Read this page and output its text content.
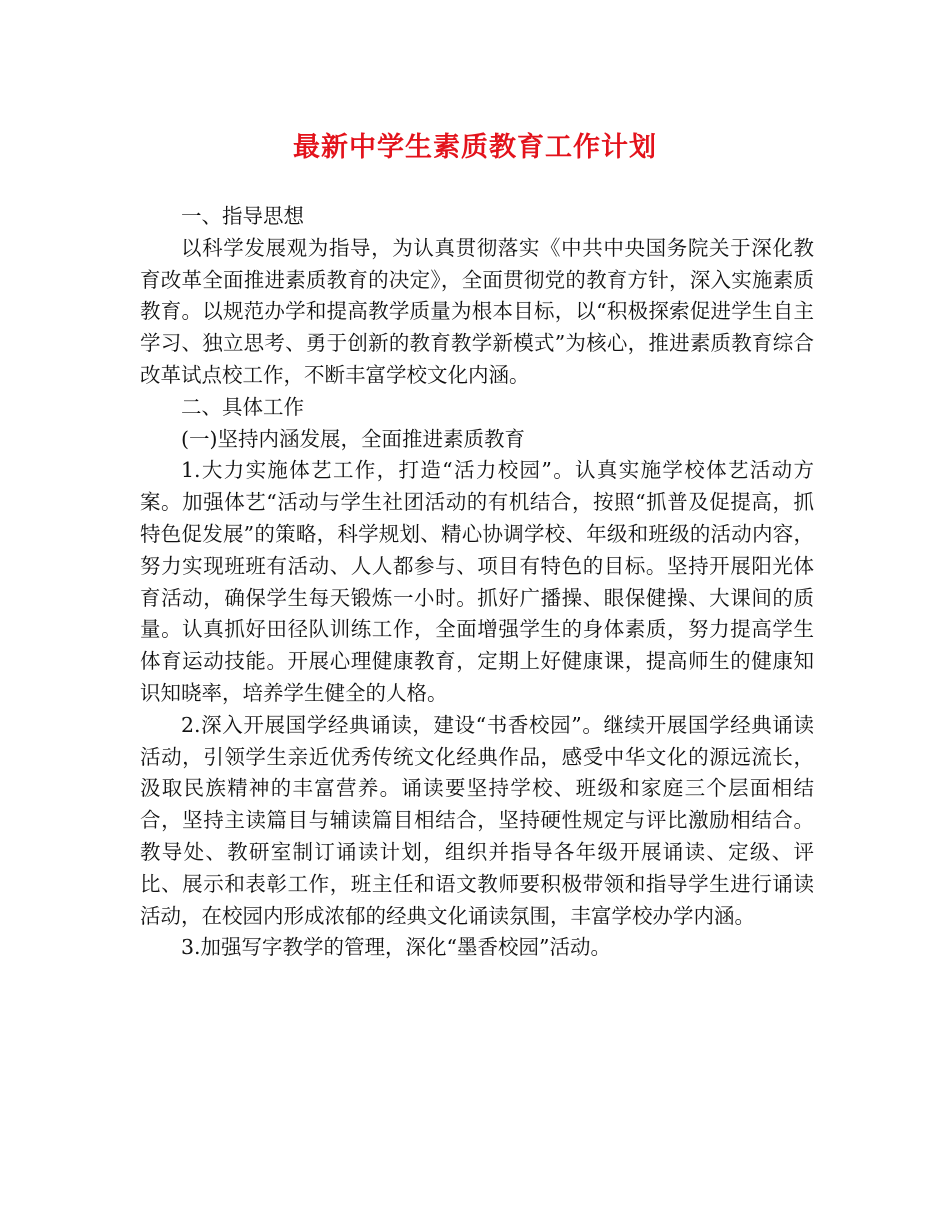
最新中学生素质教育工作计划

一、指导思想

以科学发展观为指导，为认真贯彻落实《中共中央国务院关于深化教育改革全面推进素质教育的决定》，全面贯彻党的教育方针，深入实施素质教育。以规范办学和提高教学质量为根本目标，以“积极探索促进学生自主学习、独立思考、勇于创新的教育教学新模式”为核心，推进素质教育综合改革试点校工作，不断丰富学校文化内涵。

二、具体工作

(一)坚持内涵发展，全面推进素质教育

1.大力实施体艺工作，打造“活力校园”。认真实施学校体艺活动方案。加强体艺“活动与学生社团活动的有机结合，按照“抓普及促提高，抓特色促发展”的策略，科学规划、精心协调学校、年级和班级的活动内容，努力实现班班有活动、人人都参与、项目有特色的目标。坚持开展阳光体育活动，确保学生每天锻炼一小时。抓好广播操、眼保健操、大课间的质量。认真抓好田径队训练工作，全面增强学生的身体素质，努力提高学生体育运动技能。开展心理健康教育，定期上好健康课，提高师生的健康知识知晓率，培养学生健全的人格。

2.深入开展国学经典诵读，建设“书香校园”。继续开展国学经典诵读活动，引领学生亲近优秀传统文化经典作品，感受中华文化的源远流长，汲取民族精神的丰富营养。诵读要坚持学校、班级和家庭三个层面相结合，坚持主读篇目与辅读篇目相结合，坚持硬性规定与评比激励相结合。教导处、教研室制订诵读计划，组织并指导各年级开展诵读、定级、评比、展示和表彰工作，班主任和语文教师要积极带领和指导学生进行诵读活动，在校园内形成浓郁的经典文化诵读氛围，丰富学校办学内涵。

3.加强写字教学的管理，深化“墨香校园”活动。
